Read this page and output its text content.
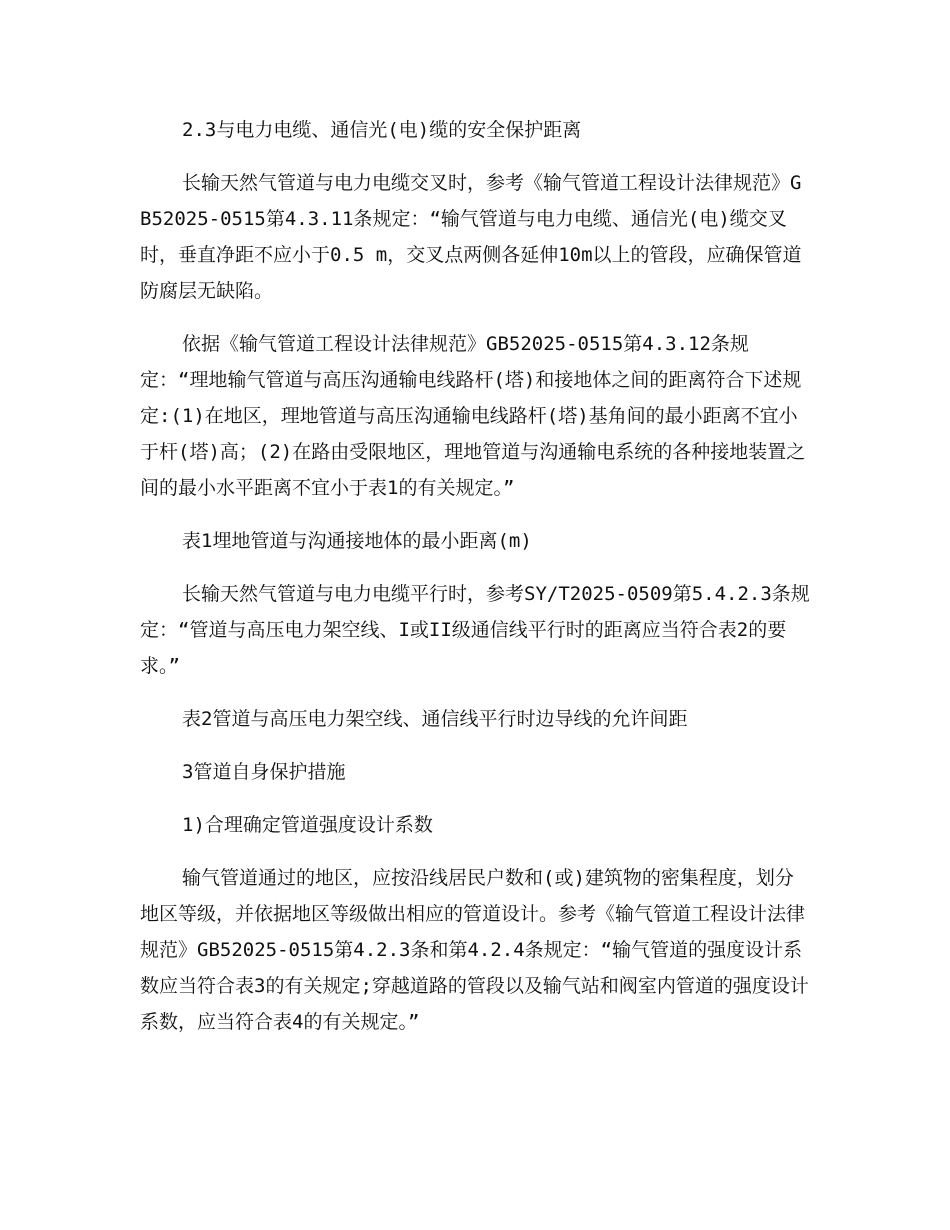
2.3与电力电缆、通信光(电)缆的安全保护距离

长输天然气管道与电力电缆交叉时，参考《输气管道工程设计法律规范》GB52025-0515第4.3.11条规定：“输气管道与电力电缆、通信光(电)缆交叉时，垂直净距不应小于0.5 m，交叉点两侧各延伸10m以上的管段，应确保管道防腐层无缺陷。

依据《输气管道工程设计法律规范》GB52025-0515第4.3.12条规定：“理地输气管道与高压沟通输电线路杆(塔)和接地体之间的距离符合下述规定:(1)在地区，理地管道与高压沟通输电线路杆(塔)基角间的最小距离不宜小于杆(塔)高；(2)在路由受限地区，理地管道与沟通输电系统的各种接地装置之间的最小水平距离不宜小于表1的有关规定。”

表1埋地管道与沟通接地体的最小距离(m)

长输天然气管道与电力电缆平行时，参考SY/T2025-0509第5.4.2.3条规定：“管道与高压电力架空线、I或II级通信线平行时的距离应当符合表2的要求。”

表2管道与高压电力架空线、通信线平行时边导线的允许间距

3管道自身保护措施

1)合理确定管道强度设计系数

输气管道通过的地区，应按沿线居民户数和(或)建筑物的密集程度，划分地区等级，并依据地区等级做出相应的管道设计。参考《输气管道工程设计法律规范》GB52025-0515第4.2.3条和第4.2.4条规定：“输气管道的强度设计系数应当符合表3的有关规定;穿越道路的管段以及输气站和阀室内管道的强度设计系数，应当符合表4的有关规定。”
